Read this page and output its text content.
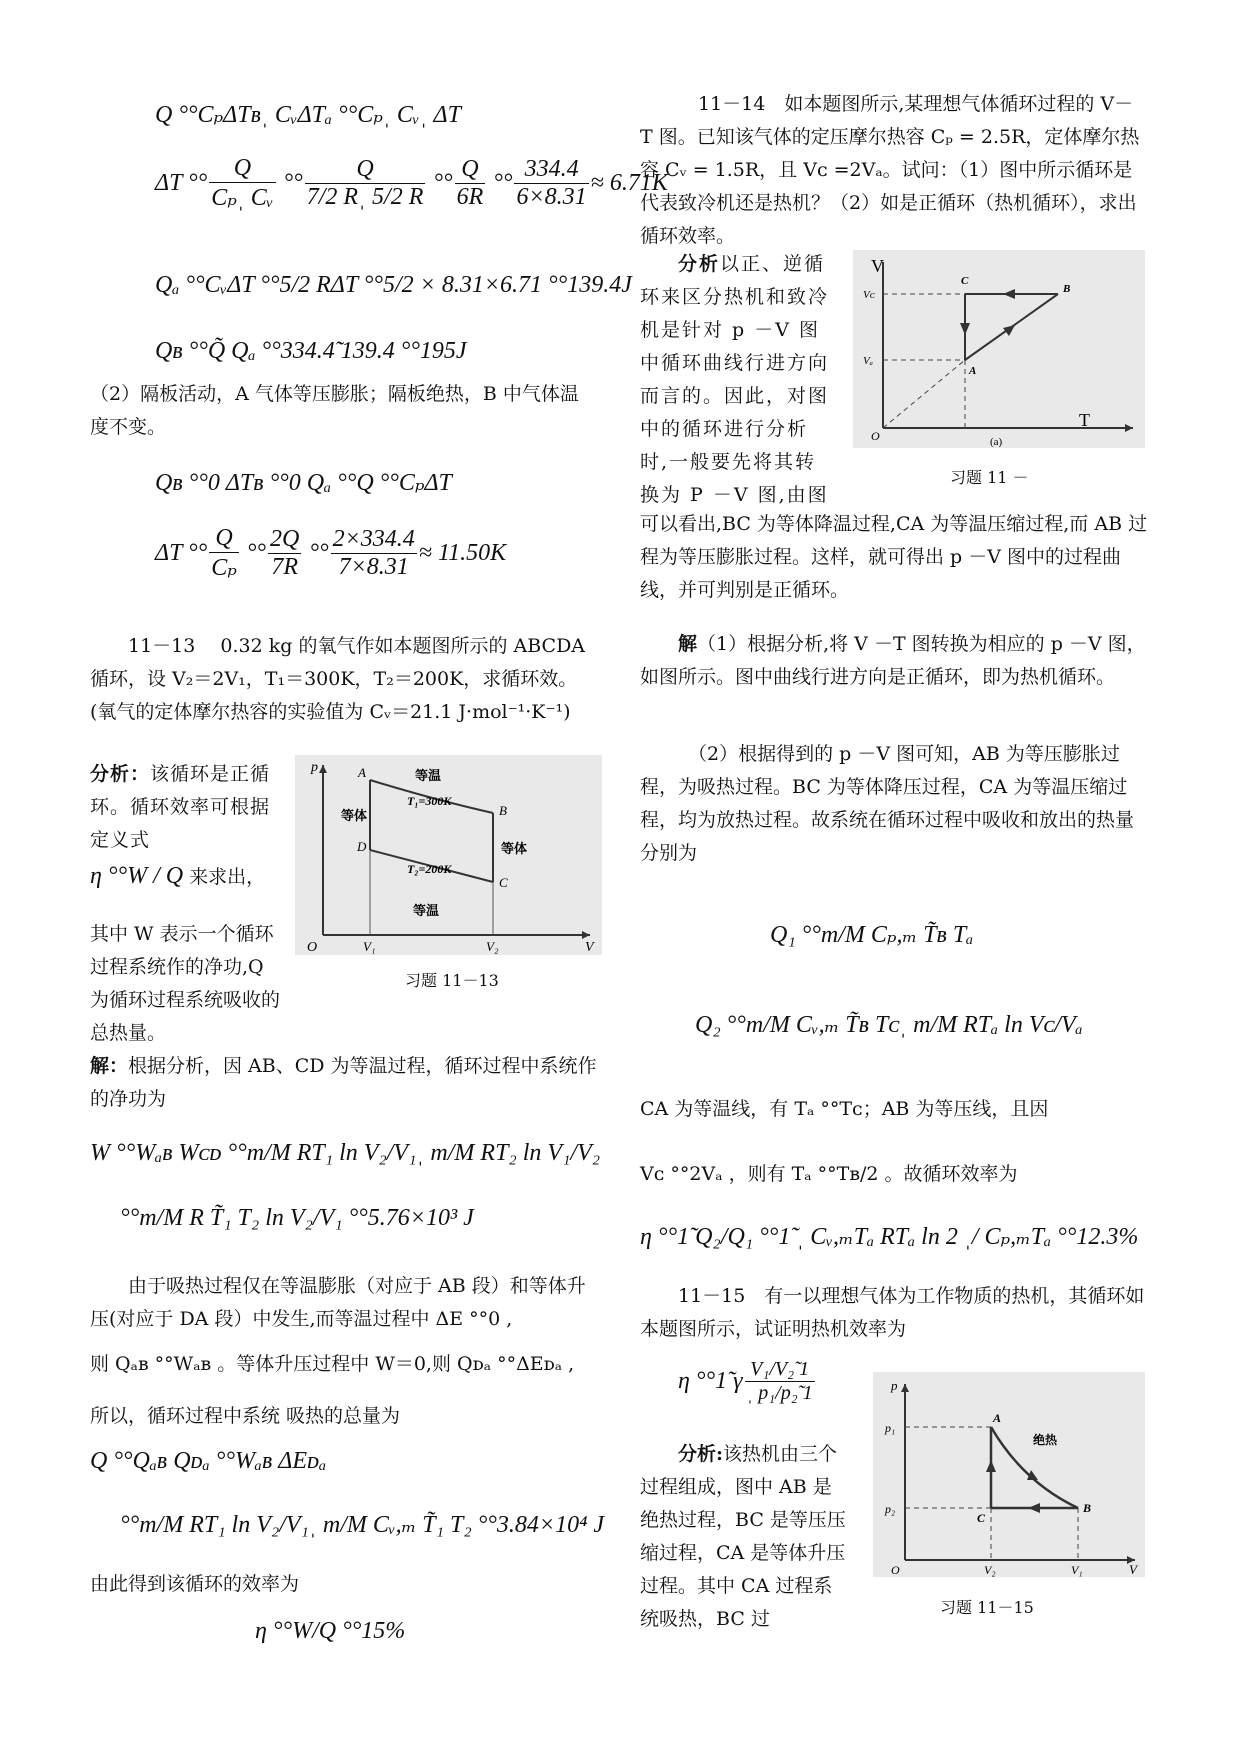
Q °°CₚΔTʙˌ CᵥΔTₐ °°Cₚˌ Cᵥˌ ΔT
ΔT °° $\frac{Q}{\text{Cₚˌ Cᵥ}}$ °° $\frac{Q}{\text{7/2 Rˌ 5/2 R}}$ °° $\frac{Q}{6R}$ °° $\frac{334.4}{6\times 8.31} \approx 6.71K$
Qₐ °°CᵥΔT °°5/2 RΔT °°5/2 × 8.31×6.71 °°139.4J
Qʙ °°Q̃ Qₐ °°334.4̃ 139.4 °°195J
（2）隔板活动，A 气体等压膨胀；隔板绝热，B 中气体温度不变。
Qʙ °°0 ΔTʙ °°0 Qₐ °°Q °°CₚΔT
ΔT °° $\frac{Q}{\text{Cₚ}}$ °° $\frac{2Q}{7R}$ °° $\frac{2\times 334.4}{7\times 8.31} \approx 11.50K$
11－13　 0.32 kg 的氧气作如本题图所示的 ABCDA 循环，设 V₂＝2V₁，T₁＝300K，T₂＝200K，求循环效。(氧气的定体摩尔热容的实验值为 Cᵥ＝21.1 J·mol⁻¹·K⁻¹)
分析：该循环是正循环。循环效率可根据定义式
η °°W / Q 来求出，
其中 W 表示一个循环过程系统作的净功,Q 为循环过程系统吸收的总热量。
p
V
O	V₁	V₂
A
B
C
D
等温
等温
等体
等体
T₁=300K
T₂=200K
习题 11－13
解：根据分析，因 AB、CD 为等温过程，循环过程中系统作的净功为
W °°Wₐʙ Wᴄᴅ °°m/M RT₁ ln V₂/V₁ˌ m/M RT₂ ln V₁/V₂
°°m/M R T̃₁ T₂ ln V₂/V₁ °°5.76×10³ J
由于吸热过程仅在等温膨胀（对应于 AB 段）和等体升压(对应于 DA 段）中发生,而等温过程中 ΔE °°0 ,
则 Qₐʙ °°Wₐʙ 。等体升压过程中 W＝0,则 Qᴅₐ °°ΔEᴅₐ ,
所以，循环过程中系统 吸热的总量为
Q °°Qₐʙ Qᴅₐ °°Wₐʙ ΔEᴅₐ
°°m/M RT₁ ln V₂/V₁ˌ m/M Cᵥ,ₘ T̃₁ T₂ °°3.84×10⁴ J
由此得到该循环的效率为
η °°W/Q °°15%
11－14　如本题图所示,某理想气体循环过程的 V－T 图。已知该气体的定压摩尔热容 Cₚ = 2.5R，定体摩尔热容 Cᵥ = 1.5R，且 Vᴄ =2Vₐ。试问：（1）图中所示循环是代表致冷机还是热机？（2）如是正循环（热机循环），求出循环效率。
分析以正、逆循环来区分热机和致冷机是针对 p －V 图中循环曲线行进方向而言的。因此，对图中的循环进行分析时,一般要先将其转换为 P －V 图,由图
V
T
O
Vᴄ
Vₐ
A
B
C
(a)
习题 11 －
可以看出,BC 为等体降温过程,CA 为等温压缩过程,而 AB 过程为等压膨胀过程。这样，就可得出 p －V 图中的过程曲线，并可判别是正循环。
解（1）根据分析,将 V －T 图转换为相应的 p －V 图，如图所示。图中曲线行进方向是正循环，即为热机循环。
（2）根据得到的 p －V 图可知，AB 为等压膨胀过程，为吸热过程。BC 为等体降压过程，CA 为等温压缩过程，均为放热过程。故系统在循环过程中吸收和放出的热量分别为
Q₁ °°m/M Cₚ,ₘ T̃ʙ Tₐ
Q₂ °°m/M Cᵥ,ₘ T̃ʙ Tᴄˌ m/M RTₐ ln Vᴄ/Vₐ
CA 为等温线，有 Tₐ °°Tᴄ；AB 为等压线，且因
Vᴄ °°2Vₐ ，则有 Tₐ °°Tʙ/2 。故循环效率为
η °°1̃ Q₂/Q₁ °°1̃ ˌ Cᵥ,ₘTₐ RTₐ ln 2 ˌ/ Cₚ,ₘTₐ °°12.3%
11－15　有一以理想气体为工作物质的热机，其循环如本题图所示，试证明热机效率为
η °°1̃ γ $\frac{\text{V₁/V₂̃ 1}}{\text{ˌ p₁/p₂̃ 1}}$
分析:该热机由三个过程组成，图中 AB 是绝热过程，BC 是等压压缩过程，CA 是等体升压过程。其中 CA 过程系统吸热，BC 过
p
V
O
p₁
p₂
V₂	V₁
A
B
C
绝热
习题 11－15
